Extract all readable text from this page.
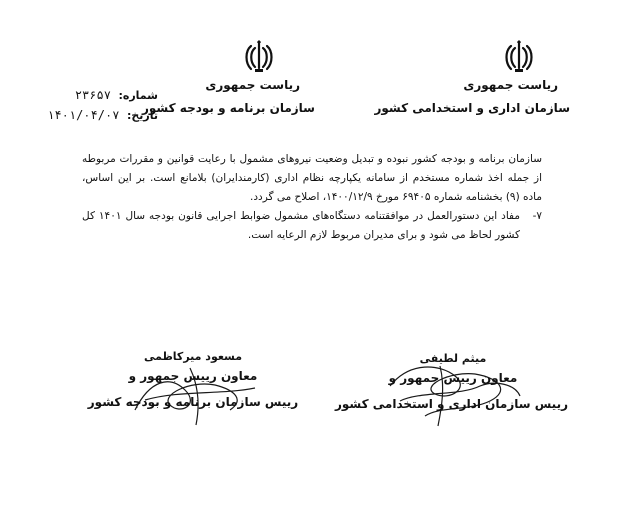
ریاست جمهوری
سازمان اداری و استخدامی کشور
ریاست جمهوری
سازمان برنامه و بودجه کشور
شماره: ۲۳۶۵۷
تاریخ: ۱۴۰۱/۰۴/۰۷

سازمان برنامه و بودجه کشور نبوده و تبدیل وضعیت نیروهای مشمول با رعایت قوانین و مقررات مربوطه از جمله اخذ شماره مستخدم از سامانه یکپارچه نظام اداری (کارمندایران) بلامانع است. بر این اساس، ماده (۹) بخشنامه شماره ۶۹۴۰۵ مورخ ۱۴۰۰/۱۲/۹، اصلاح می گردد.

۷-
مفاد این دستورالعمل در موافقتنامه دستگاه‌های مشمول ضوابط اجرایی قانون بودجه سال ۱۴۰۱ کل کشور لحاظ می شود و برای مدیران مربوط لازم الرعایه است.
میثم لطیفی
معاون رییس جمهور و
رییس سازمان اداری و استخدامی کشور
مسعود میرکاظمی
معاون رییس جمهور و
رییس سازمان برنامه و بودجه کشور
